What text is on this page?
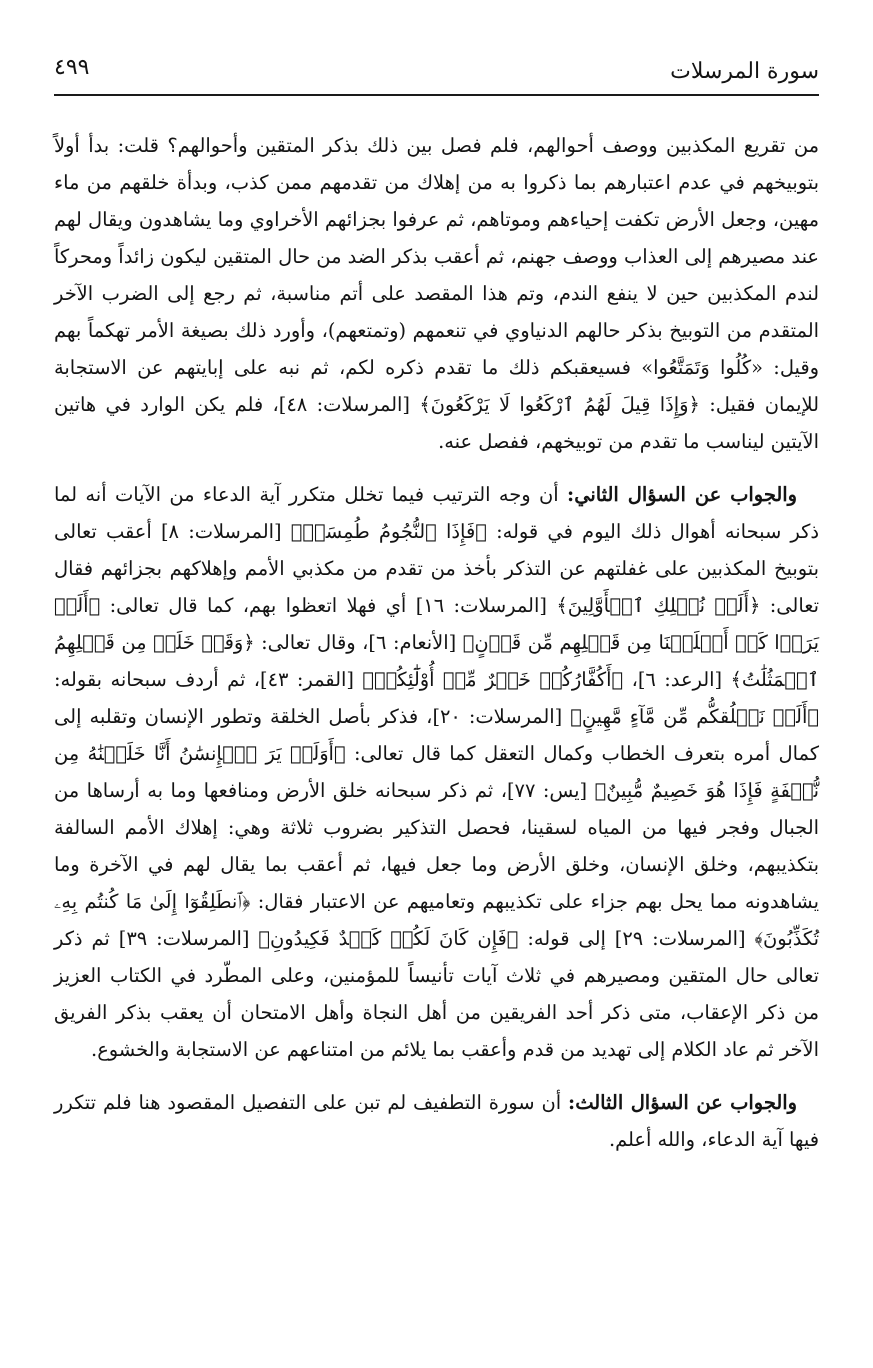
سورة المرسلات
٤٩٩

من تقريع المكذبين ووصف أحوالهم، فلم فصل بين ذلك بذكر المتقين وأحوالهم؟ قلت: بدأ أولاً بتوبيخهم في عدم اعتبارهم بما ذكروا به من إهلاك من تقدمهم ممن كذب، وبدأة خلقهم من ماء مهين، وجعل الأرض تكفت إحياءهم وموتاهم، ثم عرفوا بجزائهم الأخراوي وما يشاهدون ويقال لهم عند مصيرهم إلى العذاب ووصف جهنم، ثم أعقب بذكر الضد من حال المتقين ليكون زائداً ومحركاً لندم المكذبين حين لا ينفع الندم، وتم هذا المقصد على أتم مناسبة، ثم رجع إلى الضرب الآخر المتقدم من التوبيخ بذكر حالهم الدنياوي في تنعمهم (وتمتعهم)، وأورد ذلك بصيغة الأمر تهكماً بهم وقيل: «كُلُوا وَتَمَتَّعُوا» فسيعقبكم ذلك ما تقدم ذكره لكم، ثم نبه على إبايتهم عن الاستجابة للإيمان فقيل: ﴿وَإِذَا قِيلَ لَهُمُ ٱرْكَعُوا لَا يَرْكَعُونَ﴾ [المرسلات: ٤٨]، فلم يكن الوارد في هاتين الآيتين ليناسب ما تقدم من توبيخهم، ففصل عنه.

والجواب عن السؤال الثاني: أن وجه الترتيب فيما تخلل متكرر آية الدعاء من الآيات أنه لما ذكر سبحانه أهوال ذلك اليوم في قوله: ﴿فَإِذَا ٱلنُّجُومُ طُمِسَتۡ﴾ [المرسلات: ٨] أعقب تعالى بتوبيخ المكذبين على غفلتهم عن التذكر بأخذ من تقدم من مكذبي الأمم وإهلاكهم بجزائهم فقال تعالى: ﴿أَلَمۡ نُهۡلِكِ ٱلۡأَوَّلِينَ﴾ [المرسلات: ١٦] أي فهلا اتعظوا بهم، كما قال تعالى: ﴿أَلَمۡ يَرَوۡا كَمۡ أَهۡلَكۡنَا مِن قَبۡلِهِم مِّن قَرۡنٍ﴾ [الأنعام: ٦]، وقال تعالى: ﴿وَقَدۡ خَلَتۡ مِن قَبۡلِهِمُ ٱلۡمَثُلَٰتُ﴾ [الرعد: ٦]، ﴿أَكُفَّارُكُمۡ خَيۡرٌ مِّنۡ أُوْلَٰٓئِكُمۡ﴾ [القمر: ٤٣]، ثم أردف سبحانه بقوله: ﴿أَلَمۡ نَخۡلُقكُّم مِّن مَّآءٍ مَّهِينٍ﴾ [المرسلات: ٢٠]، فذكر بأصل الخلقة وتطور الإنسان وتقلبه إلى كمال أمره بتعرف الخطاب وكمال التعقل كما قال تعالى: ﴿أَوَلَمۡ يَرَ ٱلۡإِنسَٰنُ أَنَّا خَلَقۡنَٰهُ مِن نُّطۡفَةٍ فَإِذَا هُوَ خَصِيمٌ مُّبِينٌ﴾ [يس: ٧٧]، ثم ذكر سبحانه خلق الأرض ومنافعها وما به أرساها من الجبال وفجر فيها من المياه لسقينا، فحصل التذكير بضروب ثلاثة وهي: إهلاك الأمم السالفة بتكذيبهم، وخلق الإنسان، وخلق الأرض وما جعل فيها، ثم أعقب بما يقال لهم في الآخرة وما يشاهدونه مما يحل بهم جزاء على تكذيبهم وتعاميهم عن الاعتبار فقال: ﴿ٱنطَلِقُوٓا إِلَىٰ مَا كُنتُم بِهِۦ تُكَذِّبُونَ﴾ [المرسلات: ٢٩] إلى قوله: ﴿فَإِن كَانَ لَكُمۡ كَيۡدٌ فَكِيدُونِ﴾ [المرسلات: ٣٩] ثم ذكر تعالى حال المتقين ومصيرهم في ثلاث آيات تأنيساً للمؤمنين، وعلى المطّرد في الكتاب العزيز من ذكر الإعقاب، متى ذكر أحد الفريقين من أهل النجاة وأهل الامتحان أن يعقب بذكر الفريق الآخر ثم عاد الكلام إلى تهديد من قدم وأعقب بما يلائم من امتناعهم عن الاستجابة والخشوع.

والجواب عن السؤال الثالث: أن سورة التطفيف لم تبن على التفصيل المقصود هنا فلم تتكرر فيها آية الدعاء، والله أعلم.
